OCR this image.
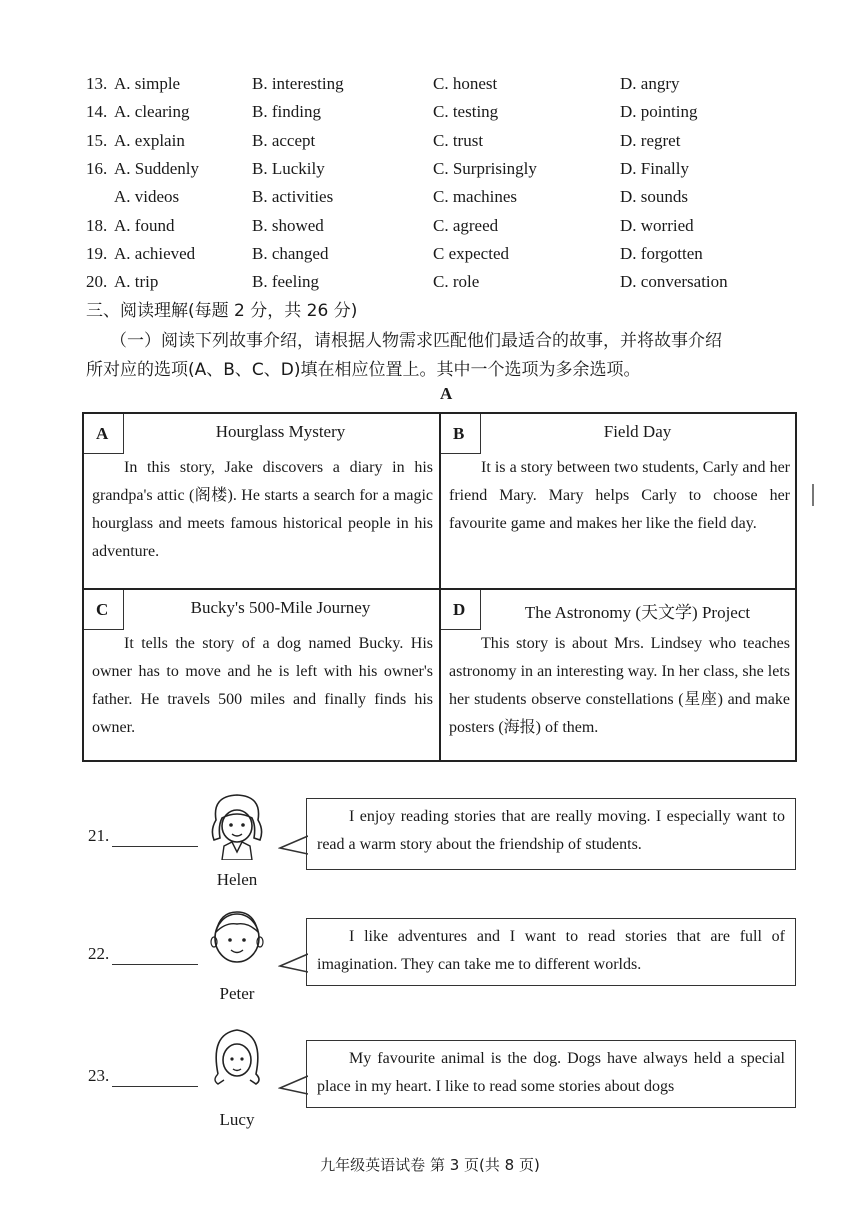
13. A. simple	B. interesting	C. honest	D. angry
14. A. clearing	B. finding	C. testing	D. pointing
15. A. explain	B. accept	C. trust	D. regret
16. A. Suddenly	B. Luckily	C. Surprisingly	D. Finally
A. videos	B. activities	C. machines	D. sounds
18. A. found	B. showed	C. agreed	D. worried
19. A. achieved	B. changed	C expected	D. forgotten
20. A. trip	B. feeling	C. role	D. conversation
三、阅读理解(每题 2 分，共 26 分)
（一）阅读下列故事介绍，请根据人物需求匹配他们最适合的故事，并将故事介绍
所对应的选项(A、B、C、D)填在相应位置上。其中一个选项为多余选项。
A
A	Hourglass Mystery
In this story, Jake discovers a diary in his grandpa's attic (阁楼). He starts a search for a magic hourglass and meets famous historical people in his adventure.
B	Field Day
It is a story between two students, Carly and her friend Mary. Mary helps Carly to choose her favourite game and makes her like the field day.
C	Bucky's 500-Mile Journey
It tells the story of a dog named Bucky. His owner has to move and he is left with his owner's father. He travels 500 miles and finally finds his owner.
D	The Astronomy (天文学) Project
This story is about Mrs. Lindsey who teaches astronomy in an interesting way. In her class, she lets her students observe constellations (星座) and make posters (海报) of them.
21.
Helen
I enjoy reading stories that are really moving. I especially want to read a warm story about the friendship of students.
22.
Peter
I like adventures and I want to read stories that are full of imagination. They can take me to different worlds.
23.
Lucy
My favourite animal is the dog. Dogs have always held a special place in my heart. I like to read some stories about dogs
九年级英语试卷 第 3 页(共 8 页)
